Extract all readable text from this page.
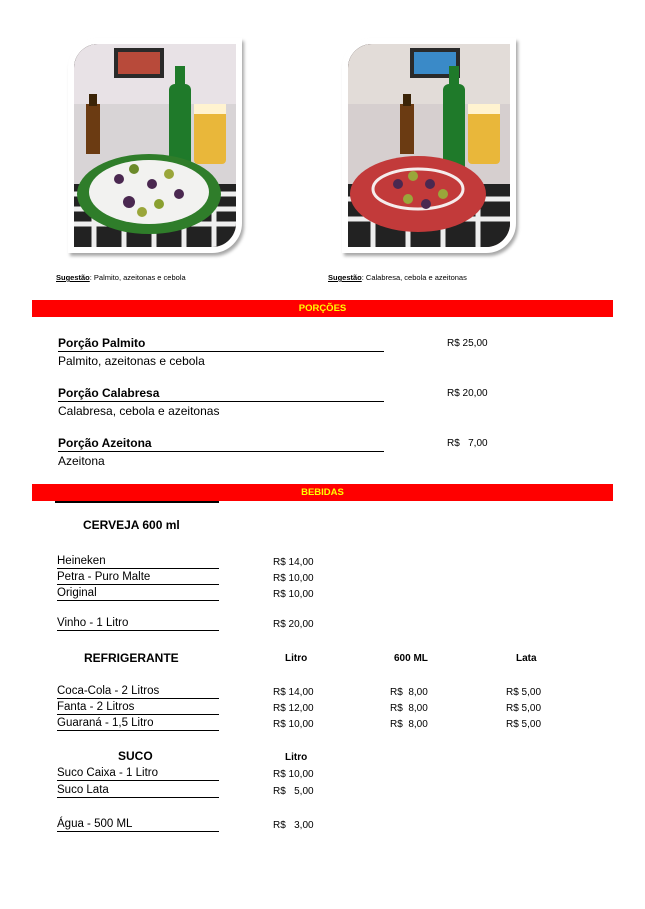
Sugestão: Palmito, azeitonas e cebola	Sugestão: Calabresa, cebola e azeitonas
PORÇÕES
Porção Palmito
Palmito, azeitonas e cebola
R$ 25,00
Porção Calabresa
Calabresa, cebola e azeitonas
R$ 20,00
Porção Azeitona
Azeitona
R$   7,00
BEBIDAS
CERVEJA 600 ml
Heineken	R$ 14,00
Petra - Puro Malte	R$ 10,00
Original	R$ 10,00
Vinho - 1 Litro	R$ 20,00
REFRIGERANTE	Litro	600 ML	Lata
Coca-Cola - 2 Litros	R$ 14,00	R$  8,00	R$ 5,00
Fanta - 2 Litros	R$ 12,00	R$  8,00	R$ 5,00
Guaraná - 1,5 Litro	R$ 10,00	R$  8,00	R$ 5,00
SUCO	Litro
Suco Caixa - 1 Litro	R$ 10,00
Suco Lata	R$   5,00
Água - 500 ML	R$   3,00
